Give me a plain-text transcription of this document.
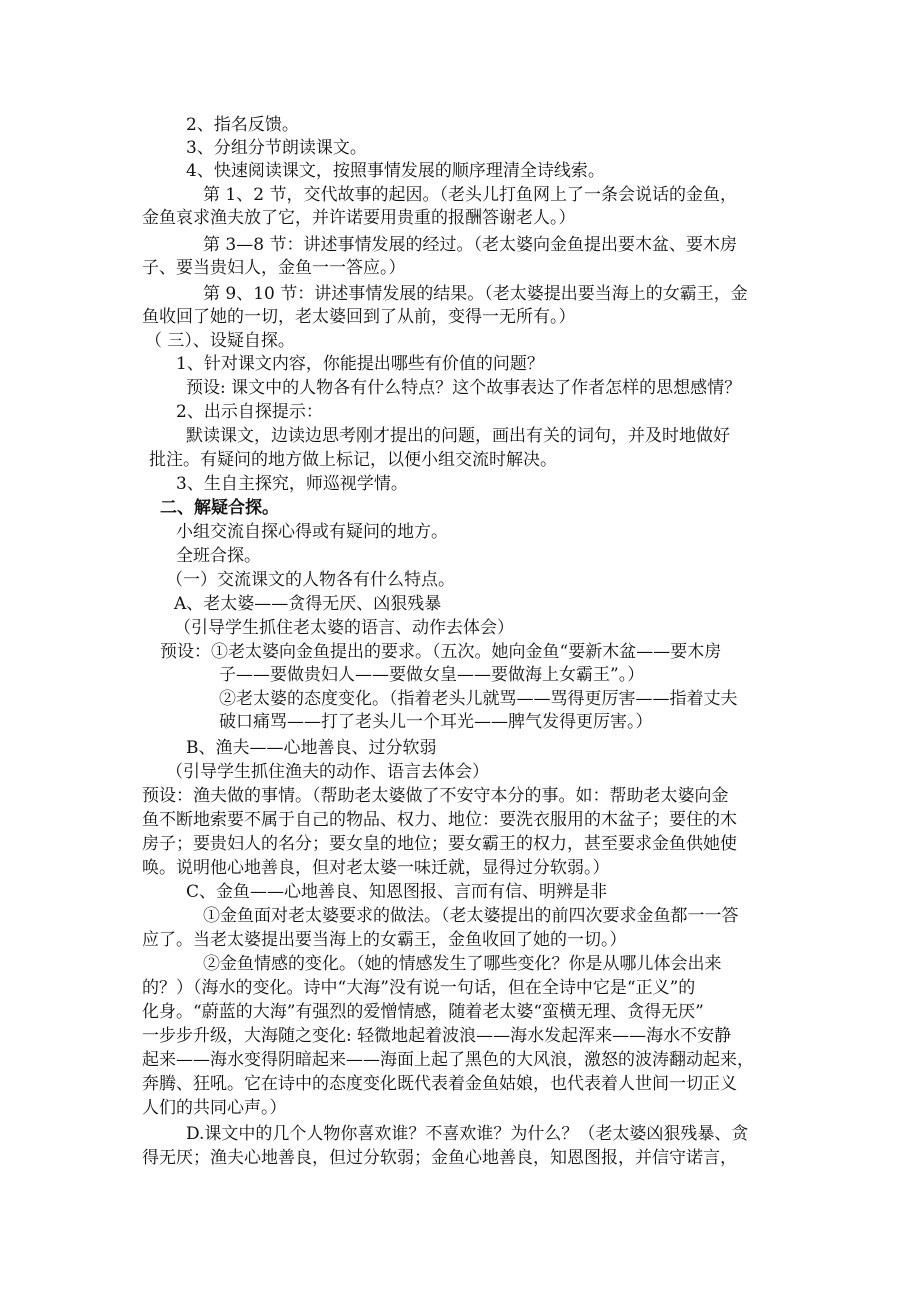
2、指名反馈。
3、分组分节朗读课文。
4、快速阅读课文，按照事情发展的顺序理清全诗线索。
第 1、2 节，交代故事的起因。（老头儿打鱼网上了一条会说话的金鱼，
金鱼哀求渔夫放了它，并许诺要用贵重的报酬答谢老人。）
第 3—8 节：讲述事情发展的经过。（老太婆向金鱼提出要木盆、要木房
子、要当贵妇人，金鱼一一答应。）
第 9、10 节：讲述事情发展的结果。（老太婆提出要当海上的女霸王，金
鱼收回了她的一切，老太婆回到了从前，变得一无所有。）
（ 三）、设疑自探。
1、针对课文内容，你能提出哪些有价值的问题？
预设: 课文中的人物各有什么特点？这个故事表达了作者怎样的思想感情？
2、出示自探提示：
默读课文，边读边思考刚才提出的问题，画出有关的词句，并及时地做好
批注。有疑问的地方做上标记，以便小组交流时解决。
3、生自主探究，师巡视学情。
二、解疑合探。
小组交流自探心得或有疑问的地方。
全班合探。
（一）交流课文的人物各有什么特点。
A、老太婆——贪得无厌、凶狠残暴
（引导学生抓住老太婆的语言、动作去体会）
预设：①老太婆向金鱼提出的要求。（五次。她向金鱼“要新木盆——要木房
子——要做贵妇人——要做女皇——要做海上女霸王”。）
②老太婆的态度变化。（指着老头儿就骂——骂得更厉害——指着丈夫
破口痛骂——打了老头儿一个耳光——脾气发得更厉害。）
B、渔夫——心地善良、过分软弱
（引导学生抓住渔夫的动作、语言去体会）
预设：渔夫做的事情。（帮助老太婆做了不安守本分的事。如：帮助老太婆向金
鱼不断地索要不属于自己的物品、权力、地位：要洗衣服用的木盆子；要住的木
房子；要贵妇人的名分；要女皇的地位；要女霸王的权力，甚至要求金鱼供她使
唤。说明他心地善良，但对老太婆一味迁就，显得过分软弱。）
C、金鱼——心地善良、知恩图报、言而有信、明辨是非
①金鱼面对老太婆要求的做法。（老太婆提出的前四次要求金鱼都一一答
应了。当老太婆提出要当海上的女霸王，金鱼收回了她的一切。）
②金鱼情感的变化。（她的情感发生了哪些变化？你是从哪儿体会出来
的？）（海水的变化。诗中“大海”没有说一句话，但在全诗中它是“正义”的
化身。“蔚蓝的大海”有强烈的爱憎情感，随着老太婆“蛮横无理、贪得无厌”
一步步升级，大海随之变化: 轻微地起着波浪——海水发起浑来——海水不安静
起来——海水变得阴暗起来——海面上起了黑色的大风浪，激怒的波涛翻动起来，
奔腾、狂吼。它在诗中的态度变化既代表着金鱼姑娘，也代表着人世间一切正义
人们的共同心声。）
D.课文中的几个人物你喜欢谁？不喜欢谁？为什么？（老太婆凶狠残暴、贪
得无厌；渔夫心地善良，但过分软弱；金鱼心地善良，知恩图报，并信守诺言，
